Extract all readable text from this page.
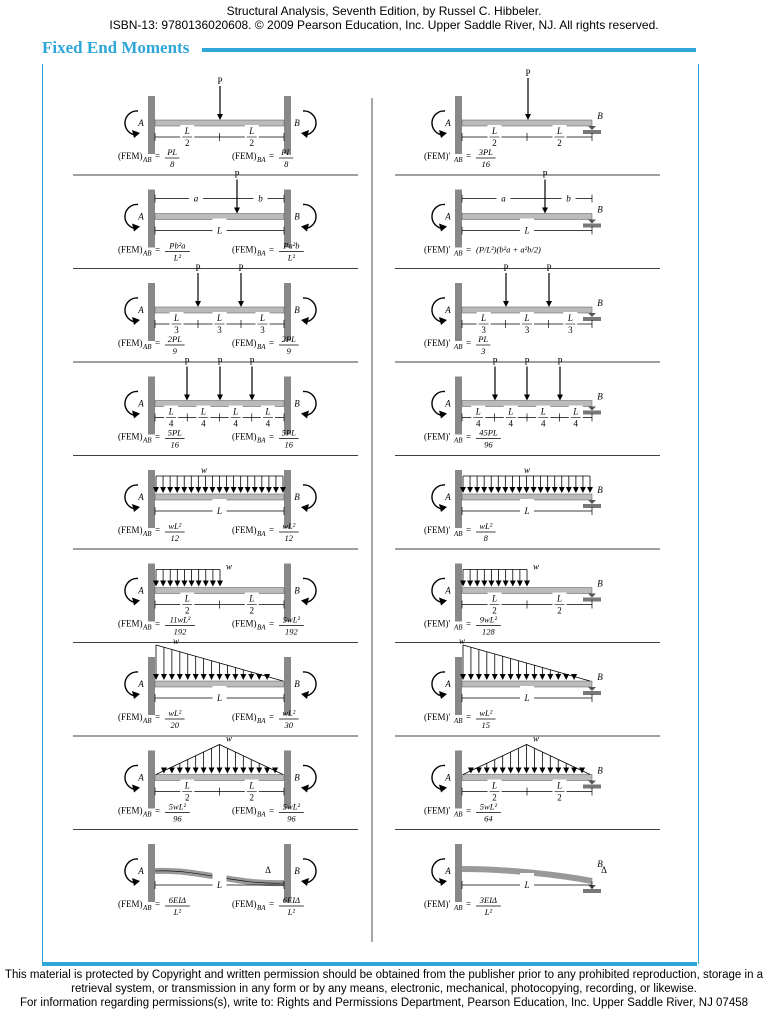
Structural Analysis, Seventh Edition, by Russel C. Hibbeler.
ISBN-13: 9780136020608. © 2009 Pearson Education, Inc. Upper Saddle River, NJ. All rights reserved.
Fixed End Moments
A	B
P
L
2
L
2
(FEM) AB = PL
8
(FEM) BA = PL
8
A
B
P
L
2
L
2
(FEM)' AB = 3PL
16
A	B
P
a	b
L
(FEM) AB = Pb²a
L²
(FEM) BA = Pa²b
L²
A
B
P
a	b
L
(FEM)' AB = (P/L²)(b²a + a²b/2)
A	B
P	P
L
3
L
3
L
3
(FEM) AB = 2PL
9
(FEM) BA = 2PL
9
A
B
P	P
L
3
L
3
L
3
(FEM)' AB = PL
3
A	B
P	P	P
L
4
L
4
L
4
L
4
(FEM) AB = 5PL
16
(FEM) BA = 5PL
16
A
B
P	P	P
L
4
L
4
L
4
L
4
(FEM)' AB = 45PL
96
A	B
w
L
(FEM) AB = wL²
12
(FEM) BA = wL²
12
A
B
w
L
(FEM)' AB = wL²
8
A	B
w
L
2
L
2
(FEM) AB = 11wL²
192
(FEM) BA = 5wL²
192
A
B
w
L
2
L
2
(FEM)' AB = 9wL²
128
A	B
w
L
(FEM) AB = wL²
20
(FEM) BA = wL²
30
A
B
w
L
(FEM)' AB = wL²
15
A	B
w
L
2
L
2
(FEM) AB = 5wL²
96
(FEM) BA = 5wL²
96
A
B
w
L
2
L
2
(FEM)' AB = 5wL²
64
Δ
A	B
L
(FEM) AB = 6EIΔ
L²
(FEM) BA = 6EIΔ
L²
Δ
A
B
L
(FEM)' AB = 3EIΔ
L²
This material is protected by Copyright and written permission should be obtained from the publisher prior to any prohibited reproduction, storage in a
retrieval system, or transmission in any form or by any means, electronic, mechanical, photocopying, recording, or likewise.
For information regarding permissions(s), write to: Rights and Permissions Department, Pearson Education, Inc. Upper Saddle River, NJ 07458
